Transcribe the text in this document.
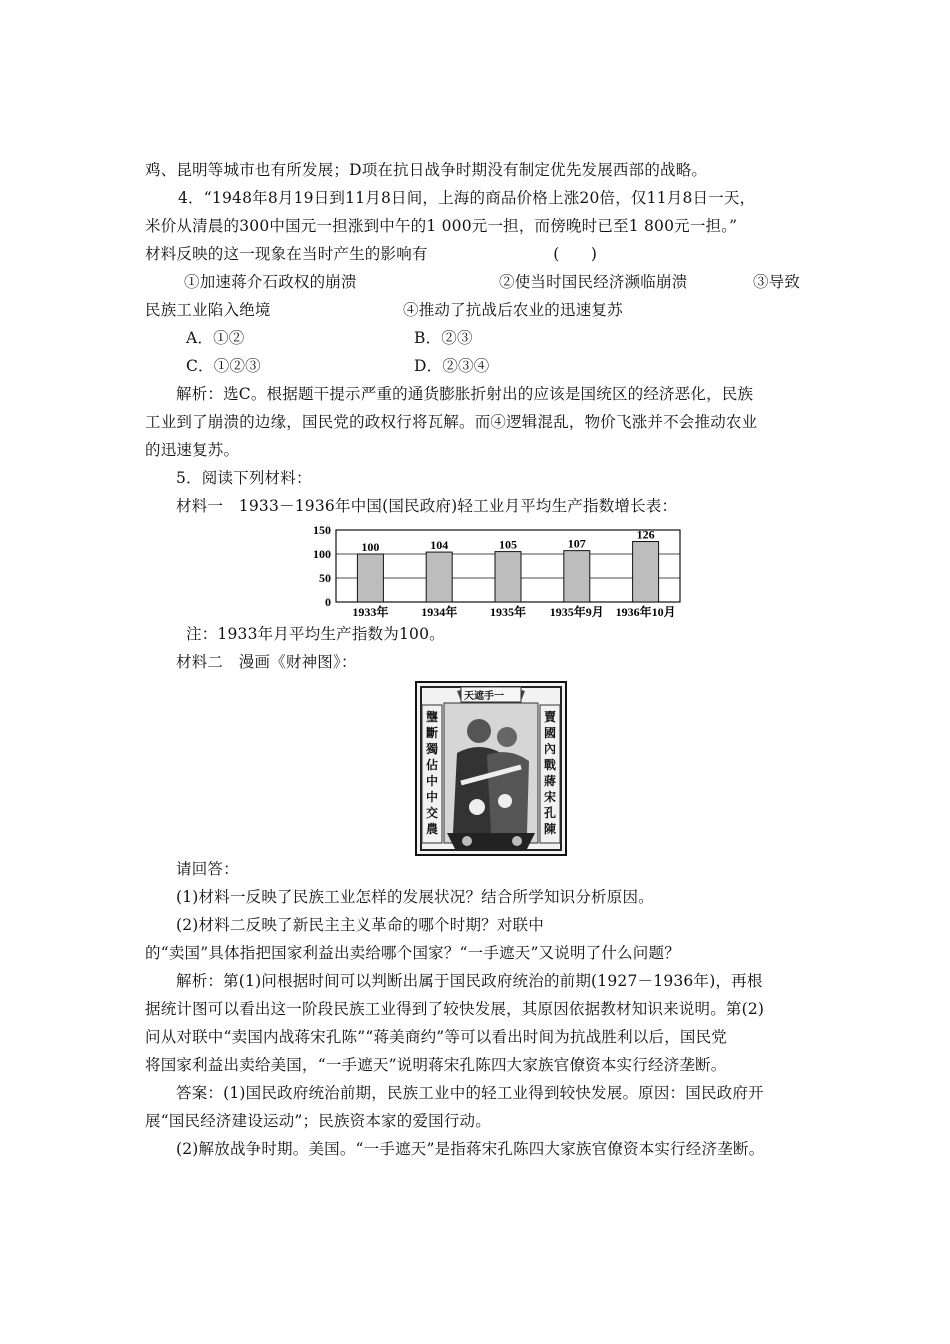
鸡、昆明等城市也有所发展；D项在抗日战争时期没有制定优先发展西部的战略。
4．“1948年8月19日到11月8日间，上海的商品价格上涨20倍，仅11月8日一天，
米价从清晨的300中国元一担涨到中午的1 000元一担，而傍晚时已至1 800元一担。”
材料反映的这一现象在当时产生的影响有　　　　　　　　(　　)
①加速蒋介石政权的崩溃	②使当时国民经济濒临崩溃	③导致
民族工业陷入绝境	④推动了抗战后农业的迅速复苏
A．①②	B．②③
C．①②③	D．②③④
解析：选C。根据题干提示严重的通货膨胀折射出的应该是国统区的经济恶化，民族
工业到了崩溃的边缘，国民党的政权行将瓦解。而④逻辑混乱，物价飞涨并不会推动农业
的迅速复苏。
5．阅读下列材料：
材料一　1933－1936年中国(国民政府)轻工业月平均生产指数增长表：
0
50
100
150
100
1933年
104
1934年
105
1935年
107
1935年9月
126
1936年10月
注：1933年月平均生产指数为100。
材料二　漫画《财神图》：
天遮手一
壟斷獨佔中中交農
賣國內戰蔣宋孔陳
请回答：
(1)材料一反映了民族工业怎样的发展状况？结合所学知识分析原因。
(2)材料二反映了新民主主义革命的哪个时期？对联中
的“卖国”具体指把国家利益出卖给哪个国家？“一手遮天”又说明了什么问题？
解析：第(1)问根据时间可以判断出属于国民政府统治的前期(1927－1936年)，再根
据统计图可以看出这一阶段民族工业得到了较快发展，其原因依据教材知识来说明。第(2)
问从对联中“卖国内战蒋宋孔陈”“蒋美商约”等可以看出时间为抗战胜利以后，国民党
将国家利益出卖给美国，“一手遮天”说明蒋宋孔陈四大家族官僚资本实行经济垄断。
答案：(1)国民政府统治前期，民族工业中的轻工业得到较快发展。原因：国民政府开
展“国民经济建设运动”；民族资本家的爱国行动。
(2)解放战争时期。美国。“一手遮天”是指蒋宋孔陈四大家族官僚资本实行经济垄断。
